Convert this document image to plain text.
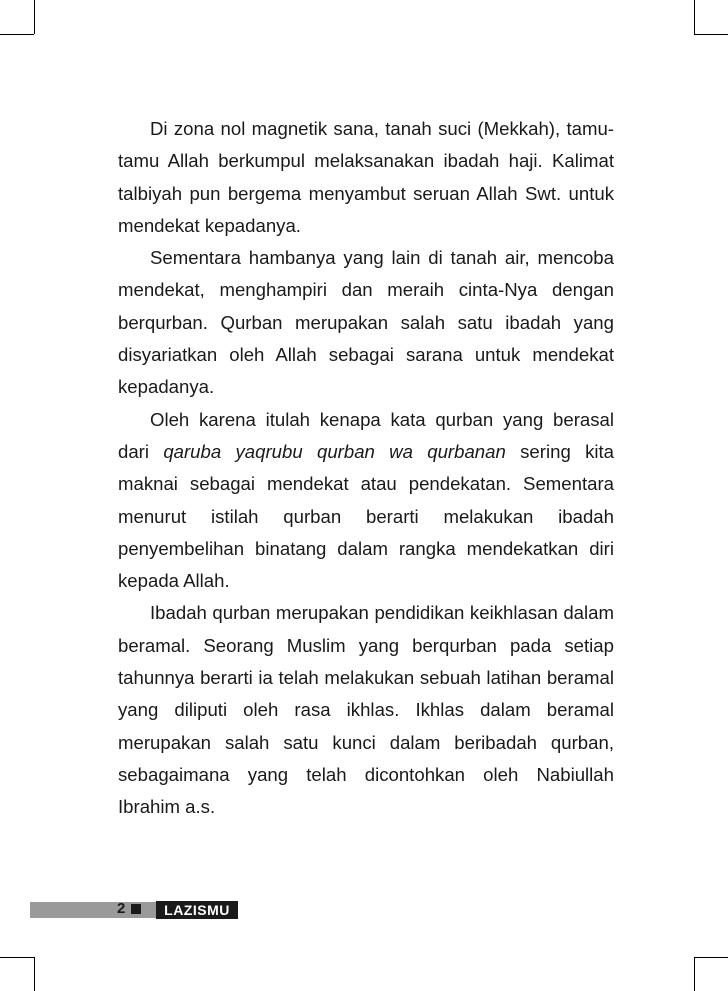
Di zona nol magnetik sana, tanah suci (Mekkah), tamu-tamu Allah berkumpul melaksanakan ibadah haji. Kalimat talbiyah pun bergema menyambut seruan Allah Swt. untuk mendekat kepadanya.

Sementara hambanya yang lain di tanah air, mencoba mendekat, menghampiri dan meraih cinta-Nya dengan berqurban. Qurban merupakan salah satu ibadah yang disyariatkan oleh Allah sebagai sarana untuk mendekat kepadanya.

Oleh karena itulah kenapa kata qurban yang berasal dari qaruba yaqrubu qurban wa qurbanan sering kita maknai sebagai mendekat atau pendekatan. Sementara menurut istilah qurban berarti melakukan ibadah penyembelihan binatang dalam rangka mendekatkan diri kepada Allah.

Ibadah qurban merupakan pendidikan keikhlasan dalam beramal. Seorang Muslim yang berqurban pada setiap tahunnya berarti ia telah melakukan sebuah latihan beramal yang diliputi oleh rasa ikhlas. Ikhlas dalam beramal merupakan salah satu kunci dalam beribadah qurban, sebagaimana yang telah dicontohkan oleh Nabiullah Ibrahim a.s.

2	LAZISMU
